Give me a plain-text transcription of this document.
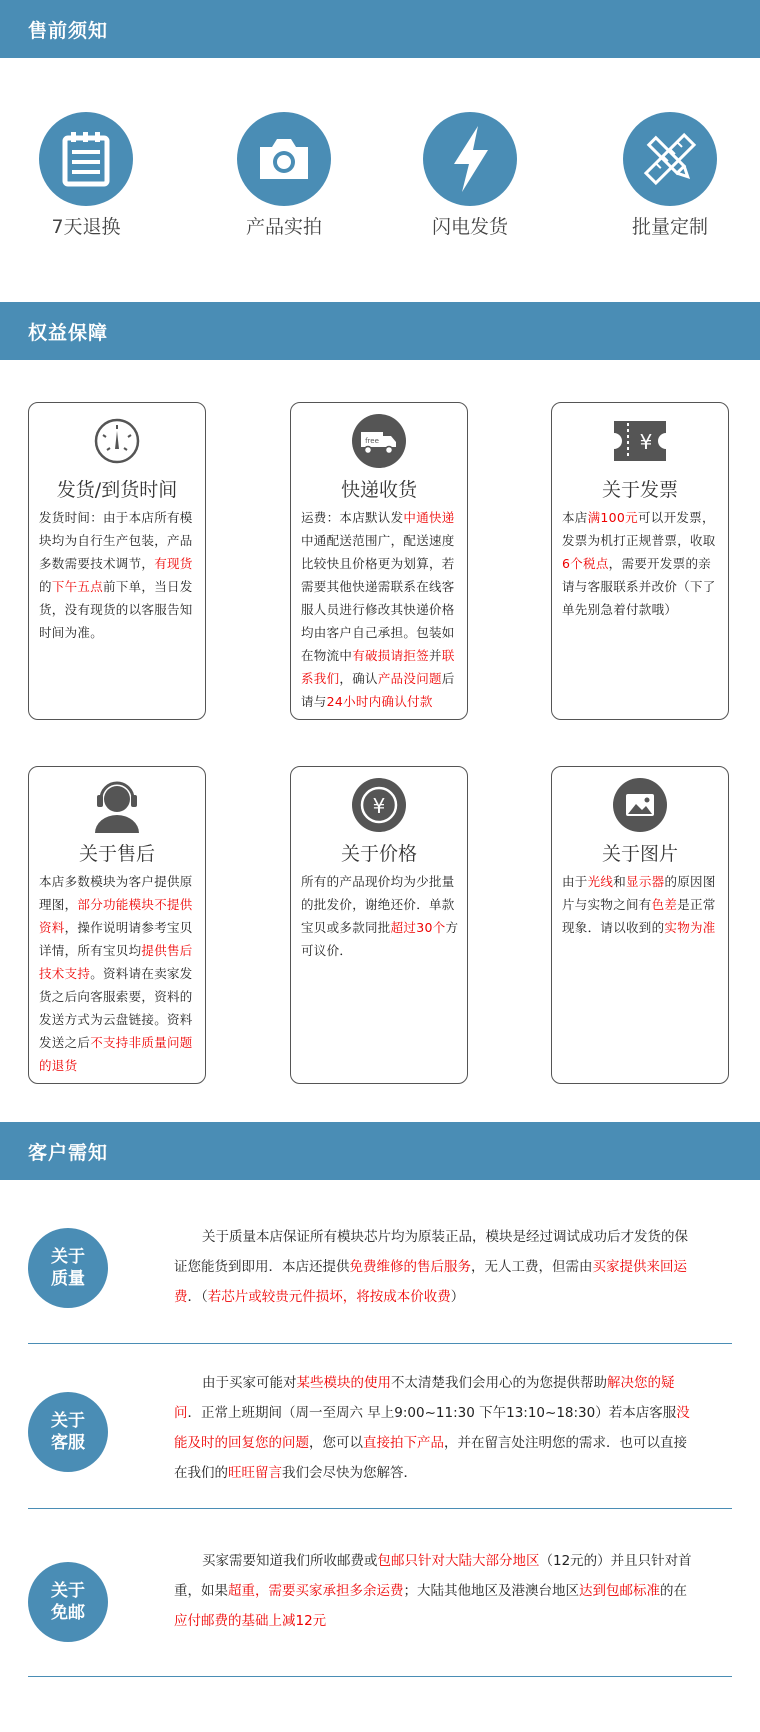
售前须知
7天退换	产品实拍	闪电发货	批量定制
权益保障
发货/到货时间
发货时间：由于本店所有模块均为自行生产包装，产品多数需要技术调节，有现货的下午五点前下单，当日发货，没有现货的以客服告知时间为准。
free
快递收货
运费：本店默认发中通快递中通配送范围广，配送速度比较快且价格更为划算，若需要其他快递需联系在线客服人员进行修改其快递价格均由客户自己承担。包装如在物流中有破损请拒签并联系我们，确认产品没问题后请与24小时内确认付款
¥
关于发票
本店满100元可以开发票，发票为机打正规普票，收取6个税点，需要开发票的亲请与客服联系并改价（下了单先别急着付款哦）
关于售后
本店多数模块为客户提供原理图，部分功能模块不提供资料，操作说明请参考宝贝详情，所有宝贝均提供售后技术支持。资料请在卖家发货之后向客服索要，资料的发送方式为云盘链接。资料发送之后不支持非质量问题的退货
¥
关于价格
所有的产品现价均为少批量的批发价，谢绝还价．单款宝贝或多款同批超过30个方可议价．
关于图片
由于光线和显示器的原因图片与实物之间有色差是正常现象．请以收到的实物为准
客户需知
关于
质量
关于质量本店保证所有模块芯片均为原装正品，模块是经过调试成功后才发货的保证您能货到即用．本店还提供免费维修的售后服务，无人工费，但需由买家提供来回运费．（若芯片或较贵元件损坏，将按成本价收费）
关于
客服
由于买家可能对某些模块的使用不太清楚我们会用心的为您提供帮助解决您的疑问．正常上班期间（周一至周六 早上9:00~11:30 下午13:10~18:30）若本店客服没能及时的回复您的问题，您可以直接拍下产品，并在留言处注明您的需求．也可以直接在我们的旺旺留言我们会尽快为您解答．
关于
免邮
买家需要知道我们所收邮费或包邮只针对大陆大部分地区（12元的）并且只针对首重，如果超重，需要买家承担多余运费；大陆其他地区及港澳台地区达到包邮标准的在应付邮费的基础上减12元
